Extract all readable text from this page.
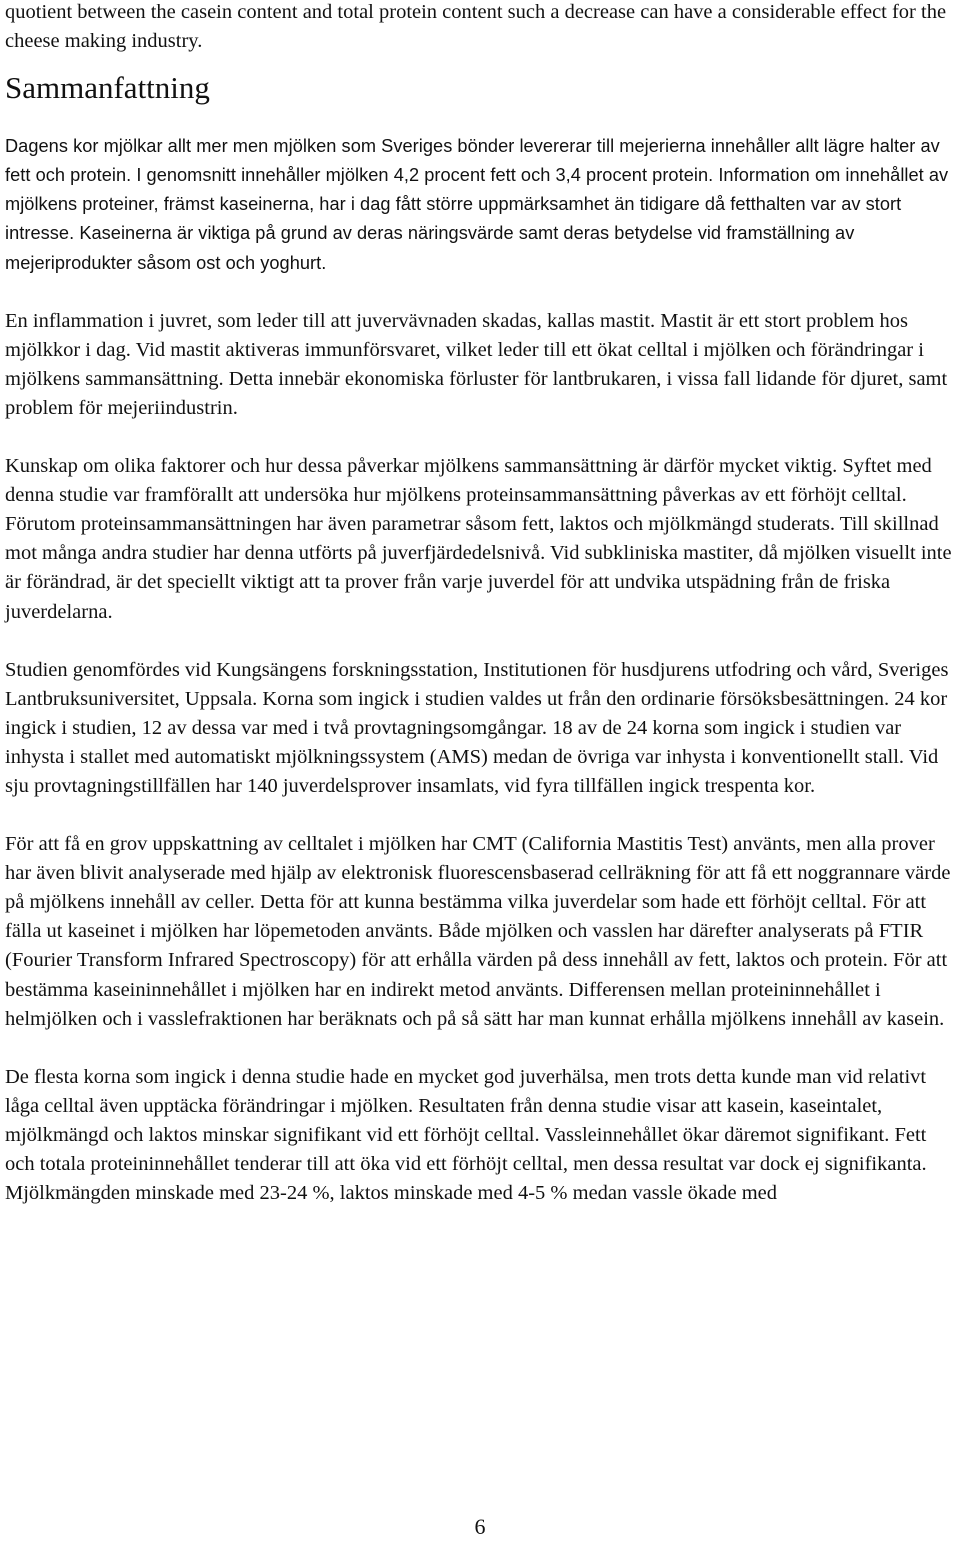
quotient between the casein content and total protein content such a decrease can have a considerable effect for the cheese making industry.

Sammanfattning

Dagens kor mjölkar allt mer men mjölken som Sveriges bönder levererar till mejerierna innehåller allt lägre halter av fett och protein. I genomsnitt innehåller mjölken 4,2 procent fett och 3,4 procent protein. Information om innehållet av mjölkens proteiner, främst kaseinerna, har i dag fått större uppmärksamhet än tidigare då fetthalten var av stort intresse. Kaseinerna är viktiga på grund av deras näringsvärde samt deras betydelse vid framställning av mejeriprodukter såsom ost och yoghurt.

En inflammation i juvret, som leder till att juvervävnaden skadas, kallas mastit. Mastit är ett stort problem hos mjölkkor i dag. Vid mastit aktiveras immunförsvaret, vilket leder till ett ökat celltal i mjölken och förändringar i mjölkens sammansättning. Detta innebär ekonomiska förluster för lantbrukaren, i vissa fall lidande för djuret, samt problem för mejeriindustrin.

Kunskap om olika faktorer och hur dessa påverkar mjölkens sammansättning är därför mycket viktig. Syftet med denna studie var framförallt att undersöka hur mjölkens proteinsammansättning påverkas av ett förhöjt celltal. Förutom proteinsammansättningen har även parametrar såsom fett, laktos och mjölkmängd studerats. Till skillnad mot många andra studier har denna utförts på juverfjärdedelsnivå. Vid subkliniska mastiter, då mjölken visuellt inte är förändrad, är det speciellt viktigt att ta prover från varje juverdel för att undvika utspädning från de friska juverdelarna.

Studien genomfördes vid Kungsängens forskningsstation, Institutionen för husdjurens utfodring och vård, Sveriges Lantbruksuniversitet, Uppsala. Korna som ingick i studien valdes ut från den ordinarie försöksbesättningen. 24 kor ingick i studien, 12 av dessa var med i två provtagningsomgångar. 18 av de 24 korna som ingick i studien var inhysta i stallet med automatiskt mjölkningssystem (AMS) medan de övriga var inhysta i konventionellt stall. Vid sju provtagningstillfällen har 140 juverdelsprover insamlats, vid fyra tillfällen ingick trespenta kor.

För att få en grov uppskattning av celltalet i mjölken har CMT (California Mastitis Test) använts, men alla prover har även blivit analyserade med hjälp av elektronisk fluorescensbaserad cellräkning för att få ett noggrannare värde på mjölkens innehåll av celler. Detta för att kunna bestämma vilka juverdelar som hade ett förhöjt celltal. För att fälla ut kaseinet i mjölken har löpemetoden använts. Både mjölken och vasslen har därefter analyserats på FTIR (Fourier Transform Infrared Spectroscopy) för att erhålla värden på dess innehåll av fett, laktos och protein. För att bestämma kaseininnehållet i mjölken har en indirekt metod använts. Differensen mellan proteininnehållet i helmjölken och i vasslefraktionen har beräknats och på så sätt har man kunnat erhålla mjölkens innehåll av kasein.

De flesta korna som ingick i denna studie hade en mycket god juverhälsa, men trots detta kunde man vid relativt låga celltal även upptäcka förändringar i mjölken. Resultaten från denna studie visar att kasein, kaseintalet, mjölkmängd och laktos minskar signifikant vid ett förhöjt celltal. Vassleinnehållet ökar däremot signifikant. Fett och totala proteininnehållet tenderar till att öka vid ett förhöjt celltal, men dessa resultat var dock ej signifikanta. Mjölkmängden minskade med 23-24 %, laktos minskade med 4-5 % medan vassle ökade med

6
